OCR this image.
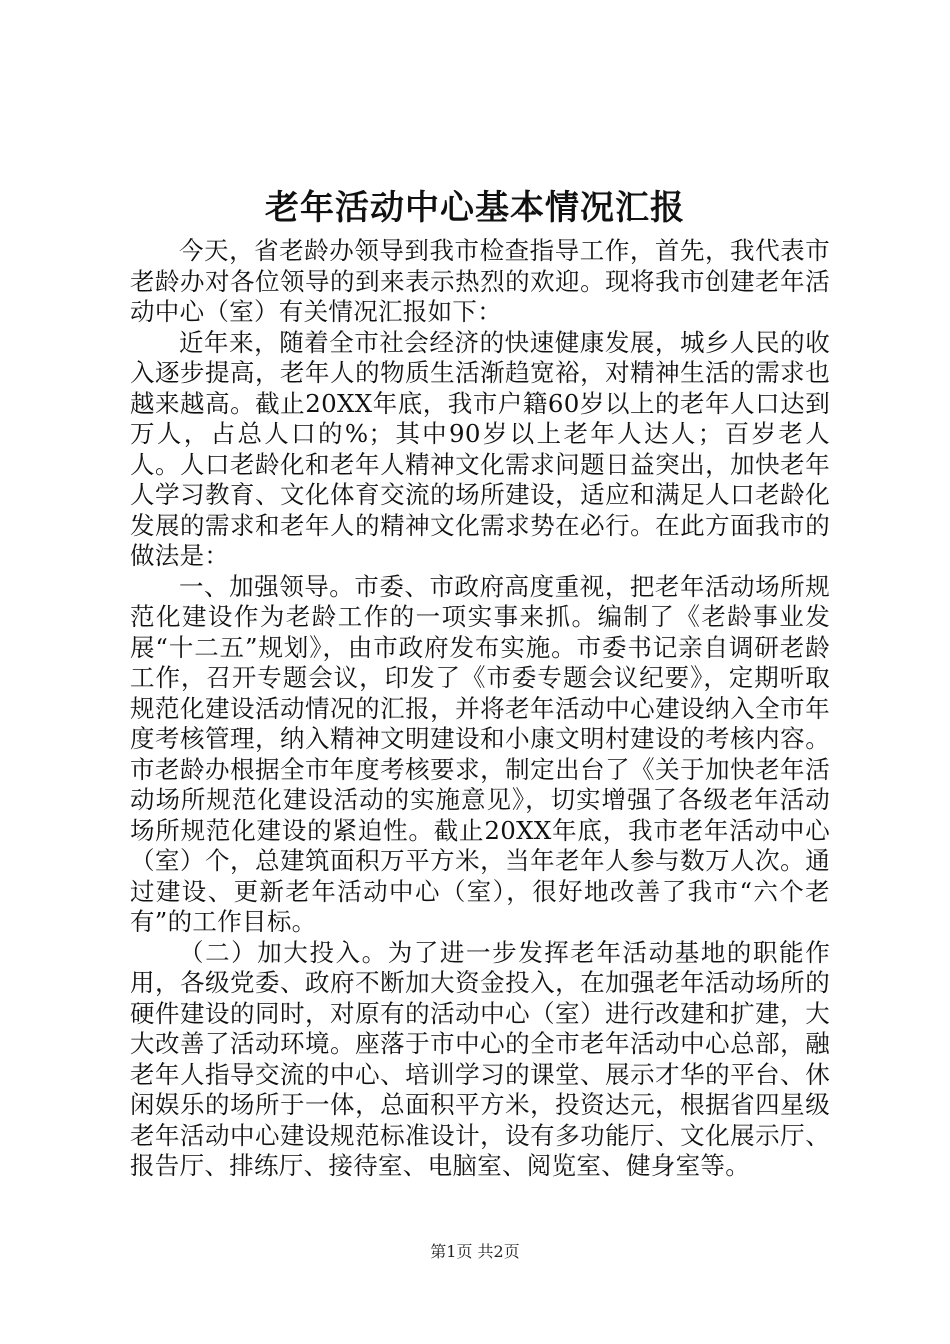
老年活动中心基本情况汇报

今天，省老龄办领导到我市检查指导工作，首先，我代表市老龄办对各位领导的到来表示热烈的欢迎。现将我市创建老年活动中心（室）有关情况汇报如下：

近年来，随着全市社会经济的快速健康发展，城乡人民的收入逐步提高，老年人的物质生活渐趋宽裕，对精神生活的需求也越来越高。截止20XX年底，我市户籍60岁以上的老年人口达到万人，占总人口的%；其中90岁以上老年人达人；百岁老人人。人口老龄化和老年人精神文化需求问题日益突出，加快老年人学习教育、文化体育交流的场所建设，适应和满足人口老龄化发展的需求和老年人的精神文化需求势在必行。在此方面我市的做法是：

一、加强领导。市委、市政府高度重视，把老年活动场所规范化建设作为老龄工作的一项实事来抓。编制了《老龄事业发展“十二五”规划》，由市政府发布实施。市委书记亲自调研老龄工作，召开专题会议，印发了《市委专题会议纪要》，定期听取规范化建设活动情况的汇报，并将老年活动中心建设纳入全市年度考核管理，纳入精神文明建设和小康文明村建设的考核内容。市老龄办根据全市年度考核要求，制定出台了《关于加快老年活动场所规范化建设活动的实施意见》，切实增强了各级老年活动场所规范化建设的紧迫性。截止20XX年底，我市老年活动中心（室）个，总建筑面积万平方米，当年老年人参与数万人次。通过建设、更新老年活动中心（室），很好地改善了我市“六个老有”的工作目标。

（二）加大投入。为了进一步发挥老年活动基地的职能作用，各级党委、政府不断加大资金投入，在加强老年活动场所的硬件建设的同时，对原有的活动中心（室）进行改建和扩建，大大改善了活动环境。座落于市中心的全市老年活动中心总部，融老年人指导交流的中心、培训学习的课堂、展示才华的平台、休闲娱乐的场所于一体，总面积平方米，投资达元，根据省四星级老年活动中心建设规范标准设计，设有多功能厅、文化展示厅、报告厅、排练厅、接待室、电脑室、阅览室、健身室等。

第1页 共2页
